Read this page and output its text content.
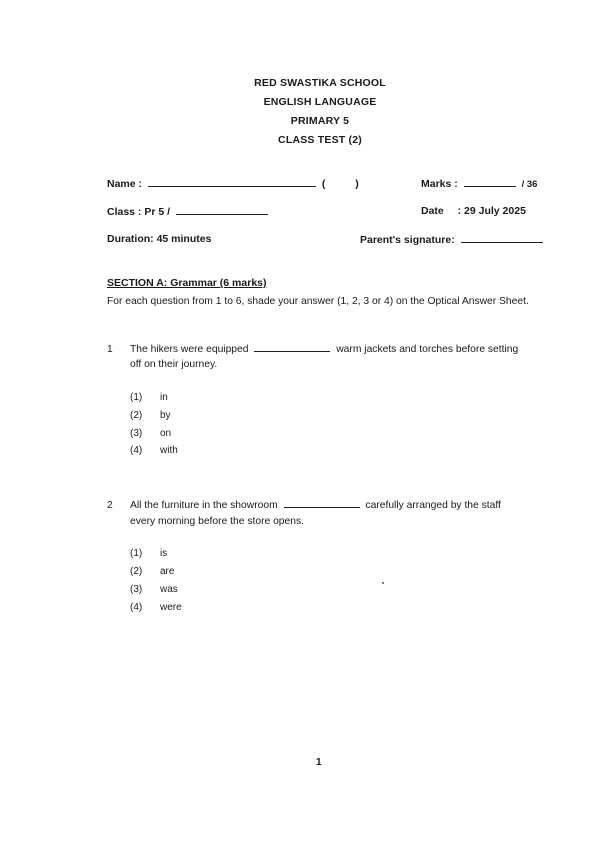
RED SWASTIKA SCHOOL
ENGLISH LANGUAGE
PRIMARY 5
CLASS TEST (2)
Name :	(	)	Marks :	/ 36
Class : Pr 5 /	Date : 29 July 2025
Duration: 45 minutes	Parent's signature:
SECTION A: Grammar (6 marks)
For each question from 1 to 6, shade your answer (1, 2, 3 or 4) on the Optical Answer Sheet.
1 The hikers were equipped	warm jackets and torches before setting
off on their journey.
(1) in
(2) by
(3) on
(4) with
2 All the furniture in the showroom	carefully arranged by the staff
every morning before the store opens.
(1) is
(2) are
(3) was
(4) were
1
